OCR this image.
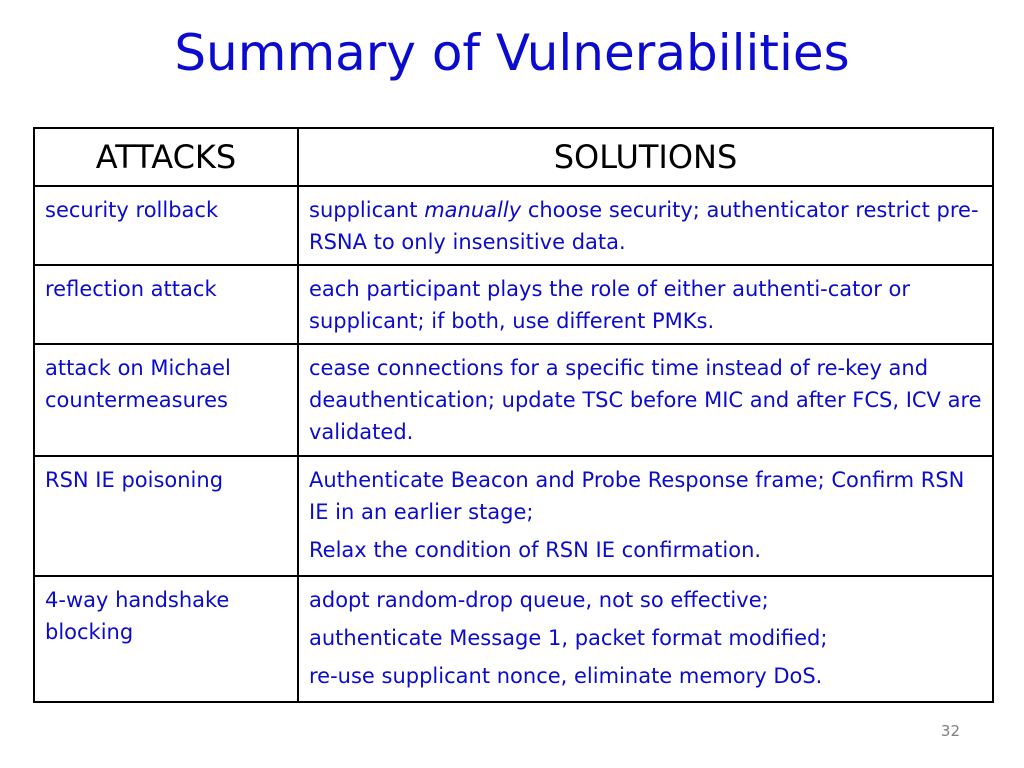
Summary of Vulnerabilities
ATTACKS	SOLUTIONS

security rollback	supplicant manually choose security; authenticator restrict pre-RSNA to only insensitive data.

reflection attack	each participant plays the role of either authenti-cator or supplicant; if both, use different PMKs.

attack on Michael countermeasures	cease connections for a specific time instead of re-key and deauthentication; update TSC before MIC and after FCS, ICV are validated.

RSN IE poisoning	Authenticate Beacon and Probe Response frame; Confirm RSN IE in an earlier stage;

Relax the condition of RSN IE confirmation.

4-way handshake blocking	adopt random-drop queue, not so effective;

authenticate Message 1, packet format modified;

re-use supplicant nonce, eliminate memory DoS.

32
